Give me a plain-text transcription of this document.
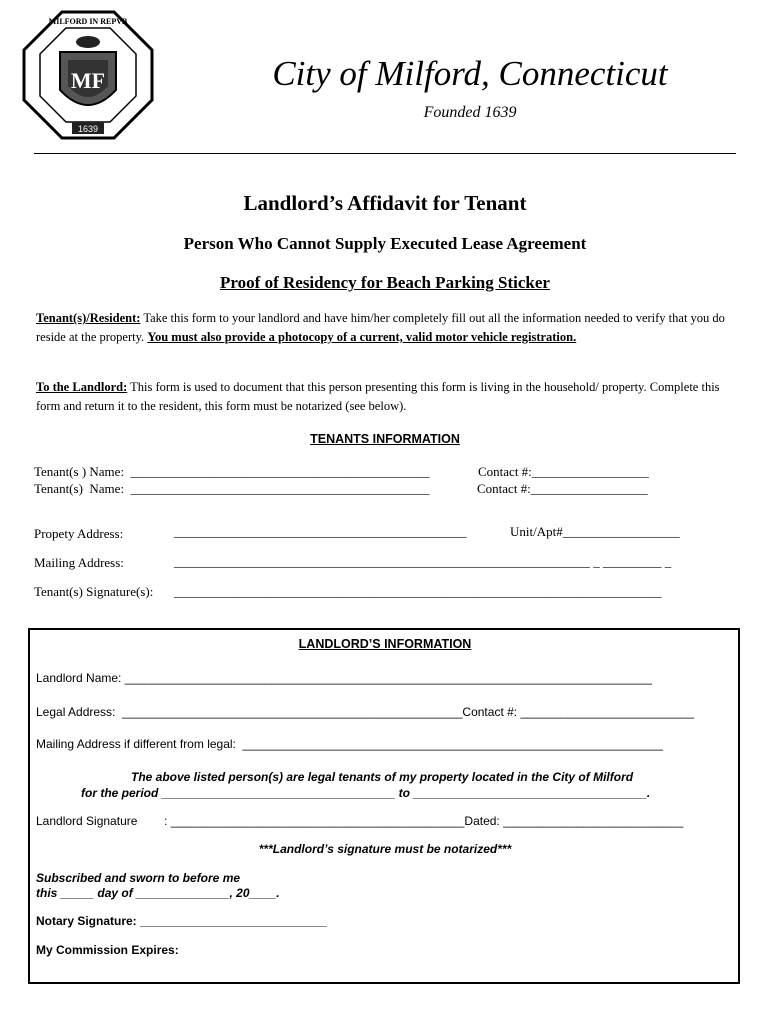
MF
1639
MILFORD IN REPVB
City of Milford, Connecticut
Founded 1639
Landlord’s Affidavit for Tenant
Person Who Cannot Supply Executed Lease Agreement
Proof of Residency for Beach Parking Sticker
Tenant(s)/Resident: Take this form to your landlord and have him/her completely fill out all the information needed to verify that you do reside at the property. You must also provide a photocopy of a current, valid motor vehicle registration.
To the Landlord: This form is used to document that this person presenting this form is living in the household/ property. Complete this form and return it to the resident, this form must be notarized (see below).
TENANTS INFORMATION
Tenant(s ) Name:  ______________________________________________	Contact #:__________________
Tenant(s)  Name:  ______________________________________________	Contact #:__________________
Propety Address:	_____________________________________________	Unit/Apt#__________________
Mailing Address:	________________________________________________________________ _ _________ _
Tenant(s) Signature(s): ___________________________________________________________________________
LANDLORD’S INFORMATION
Landlord Name: _______________________________________________________________________________
Legal Address:  ___________________________________________________Contact #: __________________________
Mailing Address if different from legal:  _______________________________________________________________
The above listed person(s) are legal tenants of my property located in the City of Milford
for the period ___________________________________ to ___________________________________.
Landlord Signature        : ____________________________________________Dated: ___________________________
***Landlord’s signature must be notarized***
Subscribed and sworn to before me
this _____ day of ______________, 20____.
Notary Signature: ____________________________
My Commission Expires:
